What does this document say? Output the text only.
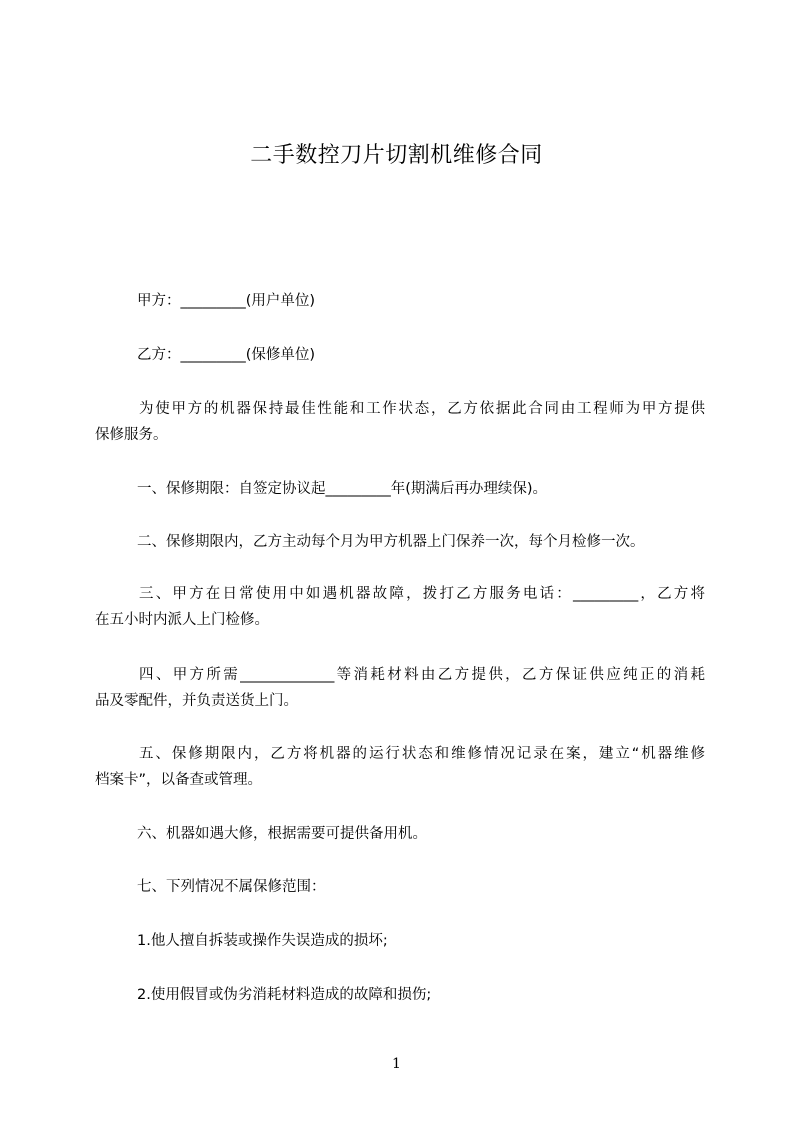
二手数控刀片切割机维修合同
甲方：_________(用户单位)
乙方：_________(保修单位)
为使甲方的机器保持最佳性能和工作状态，乙方依据此合同由工程师为甲方提供
保修服务。
一、保修期限：自签定协议起_________年(期满后再办理续保)。
二、保修期限内，乙方主动每个月为甲方机器上门保养一次，每个月检修一次。
三、甲方在日常使用中如遇机器故障，拨打乙方服务电话：_________，乙方将
在五小时内派人上门检修。
四、甲方所需_____________等消耗材料由乙方提供，乙方保证供应纯正的消耗
品及零配件，并负责送货上门。
五、保修期限内，乙方将机器的运行状态和维修情况记录在案，建立“机器维修
档案卡”，以备查或管理。
六、机器如遇大修，根据需要可提供备用机。
七、下列情况不属保修范围：
1.他人擅自拆装或操作失误造成的损坏;
2.使用假冒或伪劣消耗材料造成的故障和损伤;
1
